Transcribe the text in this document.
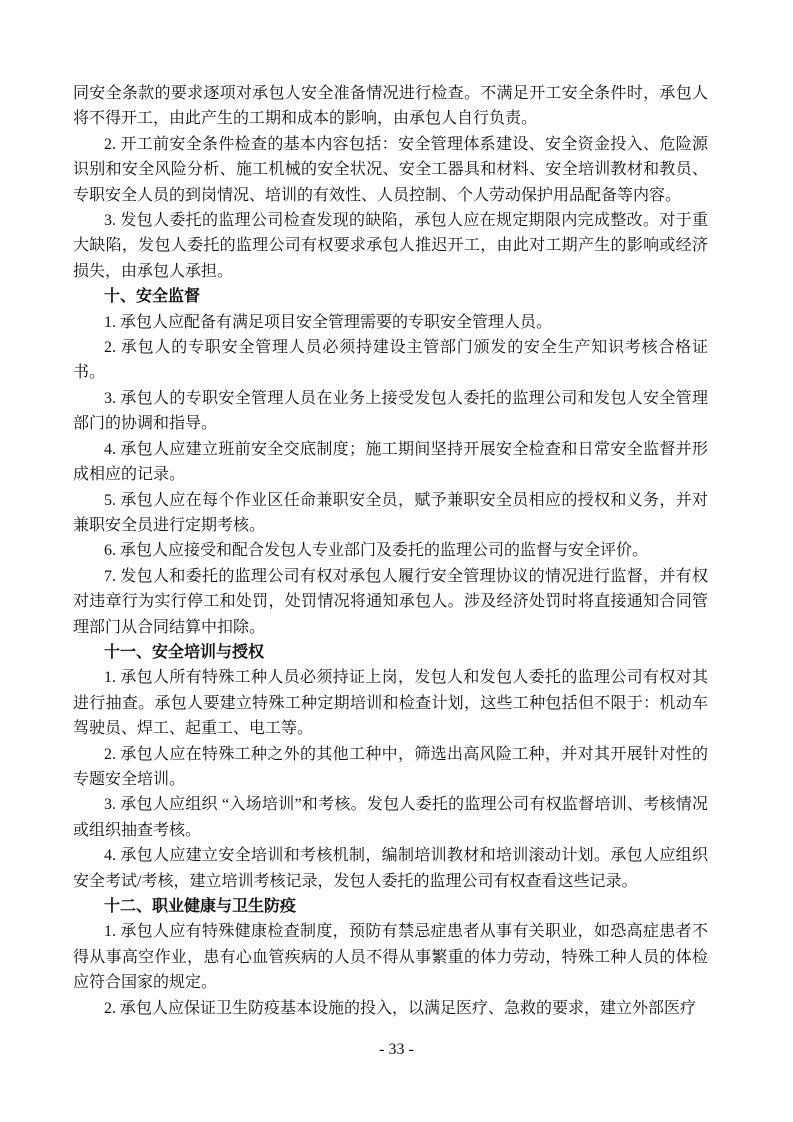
同安全条款的要求逐项对承包人安全准备情况进行检查。不满足开工安全条件时，承包人将不得开工，由此产生的工期和成本的影响，由承包人自行负责。

2. 开工前安全条件检查的基本内容包括：安全管理体系建设、安全资金投入、危险源识别和安全风险分析、施工机械的安全状况、安全工器具和材料、安全培训教材和教员、专职安全人员的到岗情况、培训的有效性、人员控制、个人劳动保护用品配备等内容。

3. 发包人委托的监理公司检查发现的缺陷，承包人应在规定期限内完成整改。对于重大缺陷，发包人委托的监理公司有权要求承包人推迟开工，由此对工期产生的影响或经济损失，由承包人承担。

十、安全监督

1. 承包人应配备有满足项目安全管理需要的专职安全管理人员。

2. 承包人的专职安全管理人员必须持建设主管部门颁发的安全生产知识考核合格证书。

3. 承包人的专职安全管理人员在业务上接受发包人委托的监理公司和发包人安全管理部门的协调和指导。

4. 承包人应建立班前安全交底制度；施工期间坚持开展安全检查和日常安全监督并形成相应的记录。

5. 承包人应在每个作业区任命兼职安全员，赋予兼职安全员相应的授权和义务，并对兼职安全员进行定期考核。

6. 承包人应接受和配合发包人专业部门及委托的监理公司的监督与安全评价。

7. 发包人和委托的监理公司有权对承包人履行安全管理协议的情况进行监督，并有权对违章行为实行停工和处罚，处罚情况将通知承包人。涉及经济处罚时将直接通知合同管理部门从合同结算中扣除。

十一、安全培训与授权

1. 承包人所有特殊工种人员必须持证上岗，发包人和发包人委托的监理公司有权对其进行抽查。承包人要建立特殊工种定期培训和检查计划，这些工种包括但不限于：机动车驾驶员、焊工、起重工、电工等。

2. 承包人应在特殊工种之外的其他工种中，筛选出高风险工种，并对其开展针对性的专题安全培训。

3. 承包人应组织 “入场培训”和考核。发包人委托的监理公司有权监督培训、考核情况或组织抽查考核。

4. 承包人应建立安全培训和考核机制，编制培训教材和培训滚动计划。承包人应组织安全考试/考核，建立培训考核记录，发包人委托的监理公司有权查看这些记录。

十二、职业健康与卫生防疫

1. 承包人应有特殊健康检查制度，预防有禁忌症患者从事有关职业，如恐高症患者不得从事高空作业，患有心血管疾病的人员不得从事繁重的体力劳动，特殊工种人员的体检应符合国家的规定。

2. 承包人应保证卫生防疫基本设施的投入，以满足医疗、急救的要求，建立外部医疗

- 33 -
